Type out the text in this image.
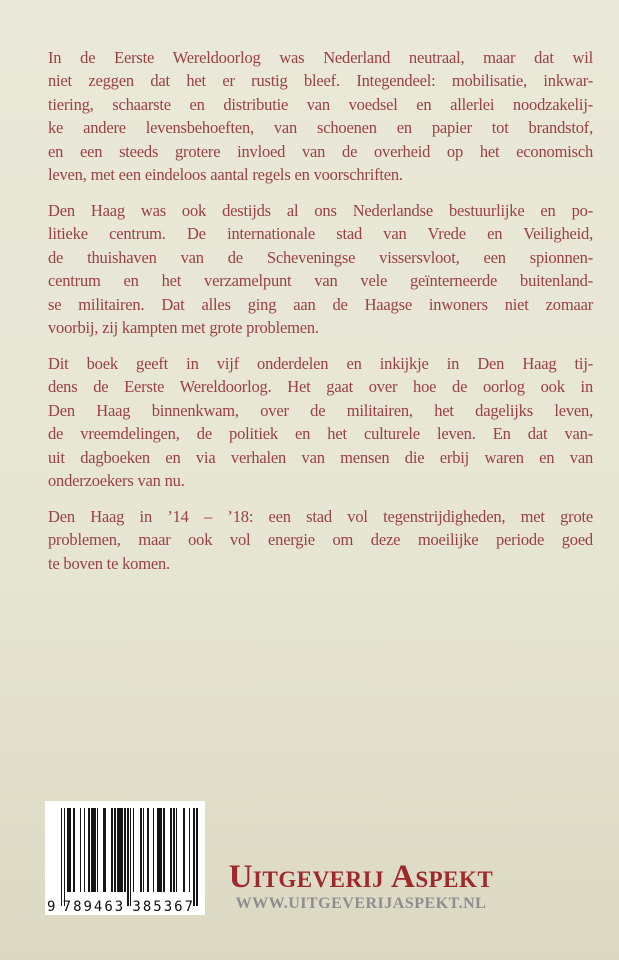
In de Eerste Wereldoorlog was Nederland neutraal, maar dat wil
niet zeggen dat het er rustig bleef. Integendeel: mobilisatie, inkwar-
tiering, schaarste en distributie van voedsel en allerlei noodzakelij-
ke andere levensbehoeften, van schoenen en papier tot brandstof,
en een steeds grotere invloed van de overheid op het economisch
leven, met een eindeloos aantal regels en voorschriften.
Den Haag was ook destijds al ons Nederlandse bestuurlijke en po-
litieke centrum. De internationale stad van Vrede en Veiligheid,
de thuishaven van de Scheveningse vissersvloot, een spionnen-
centrum en het verzamelpunt van vele geïnterneerde buitenland-
se militairen. Dat alles ging aan de Haagse inwoners niet zomaar
voorbij, zij kampten met grote problemen.
Dit boek geeft in vijf onderdelen en inkijkje in Den Haag tij-
dens de Eerste Wereldoorlog. Het gaat over hoe de oorlog ook in
Den Haag binnenkwam, over de militairen, het dagelijks leven,
de vreemdelingen, de politiek en het culturele leven. En dat van-
uit dagboeken en via verhalen van mensen die erbij waren en van
onderzoekers van nu.
Den Haag in ’14 – ’18: een stad vol tegenstrijdigheden, met grote
problemen, maar ook vol energie om deze moeilijke periode goed
te boven te komen.
9 789463 385367
Uitgeverij Aspekt
WWW.UITGEVERIJASPEKT.NL
